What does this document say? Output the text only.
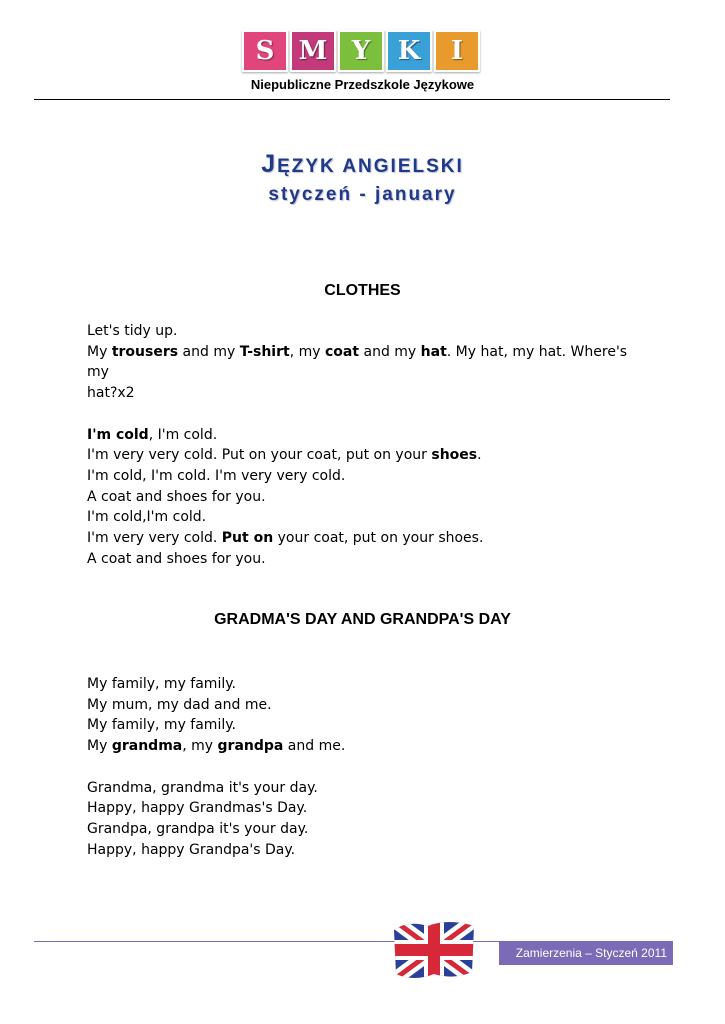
S M Y	K	I
Niepubliczne Przedszkole Językowe
JĘZYK ANGIELSKI
styczeń - january
CLOTHES

Let's tidy up.

My trousers and my T-shirt, my coat and my hat. My hat, my hat. Where's my

hat?x2

I'm cold, I'm cold.

I'm very very cold. Put on your coat, put on your shoes.

I'm cold, I'm cold. I'm very very cold.

A coat and shoes for you.

I'm cold,I'm cold.

I'm very very cold. Put on your coat, put on your shoes.

A coat and shoes for you.

GRADMA'S DAY AND GRANDPA'S DAY

My family, my family.

My mum, my dad and me.

My family, my family.

My grandma, my grandpa and me.

Grandma, grandma it's your day.

Happy, happy Grandmas's Day.

Grandpa, grandpa it's your day.

Happy, happy Grandpa's Day.

Zamierzenia – Styczeń 2011
